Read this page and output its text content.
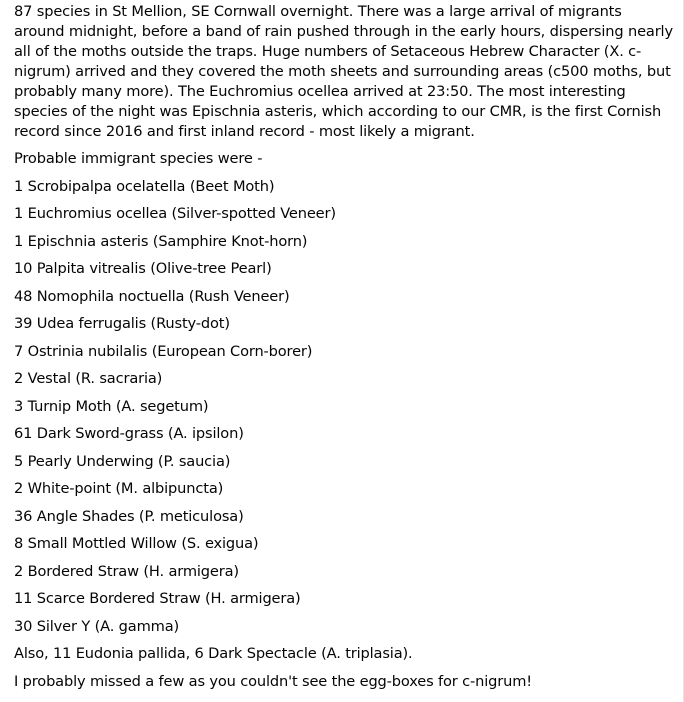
87 species in St Mellion, SE Cornwall overnight. There was a large arrival of migrants around midnight, before a band of rain pushed through in the early hours, dispersing nearly all of the moths outside the traps. Huge numbers of Setaceous Hebrew Character (X. c-nigrum) arrived and they covered the moth sheets and surrounding areas (c500 moths, but probably many more). The Euchromius ocellea arrived at 23:50. The most interesting species of the night was Epischnia asteris, which according to our CMR, is the first Cornish record since 2016 and first inland record - most likely a migrant.

Probable immigrant species were -

1 Scrobipalpa ocelatella (Beet Moth)
1 Euchromius ocellea (Silver-spotted Veneer)
1 Epischnia asteris (Samphire Knot-horn)
10 Palpita vitrealis (Olive-tree Pearl)
48 Nomophila noctuella (Rush Veneer)
39 Udea ferrugalis (Rusty-dot)
7 Ostrinia nubilalis (European Corn-borer)
2 Vestal (R. sacraria)
3 Turnip Moth (A. segetum)
61 Dark Sword-grass (A. ipsilon)
5 Pearly Underwing (P. saucia)
2 White-point (M. albipuncta)
36 Angle Shades (P. meticulosa)
8 Small Mottled Willow (S. exigua)
2 Bordered Straw (H. armigera)
11 Scarce Bordered Straw (H. armigera)
30 Silver Y (A. gamma)

Also, 11 Eudonia pallida, 6 Dark Spectacle (A. triplasia).

I probably missed a few as you couldn't see the egg-boxes for c-nigrum!
